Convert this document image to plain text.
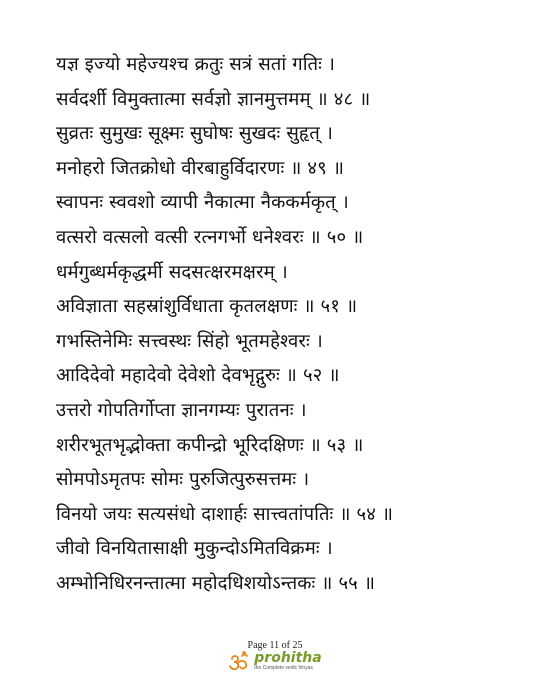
यज्ञ इज्यो महेज्यश्च क्रतुः सत्रं सतां गतिः ।
सर्वदर्शी विमुक्तात्मा सर्वज्ञो ज्ञानमुत्तमम् ॥ ४८ ॥
सुव्रतः सुमुखः सूक्ष्मः सुघोषः सुखदः सुहृत् ।
मनोहरो जितक्रोधो वीरबाहुर्विदारणः ॥ ४९ ॥
स्वापनः स्ववशो व्यापी नैकात्मा नैककर्मकृत् ।
वत्सरो वत्सलो वत्सी रत्नगर्भो धनेश्वरः ॥ ५० ॥
धर्मगुब्धर्मकृद्धर्मी सदसत्क्षरमक्षरम् ।
अविज्ञाता सहस्रांशुर्विधाता कृतलक्षणः ॥ ५१ ॥
गभस्तिनेमिः सत्त्वस्थः सिंहो भूतमहेश्वरः ।
आदिदेवो महादेवो देवेशो देवभृद्गुरुः ॥ ५२ ॥
उत्तरो गोपतिर्गोप्ता ज्ञानगम्यः पुरातनः ।
शरीरभूतभृद्भोक्ता कपीन्द्रो भूरिदक्षिणः ॥ ५३ ॥
सोमपोऽमृतपः सोमः पुरुजित्पुरुसत्तमः ।
विनयो जयः सत्यसंधो दाशार्हः सात्त्वतांपतिः ॥ ५४ ॥
जीवो विनयितासाक्षी मुकुन्दोऽमितविक्रमः ।
अम्भोनिधिरनन्तात्मा महोदधिशयोऽन्तकः ॥ ५५ ॥
Page 11 of 25
prohitha
the Complete vedic hinyas
